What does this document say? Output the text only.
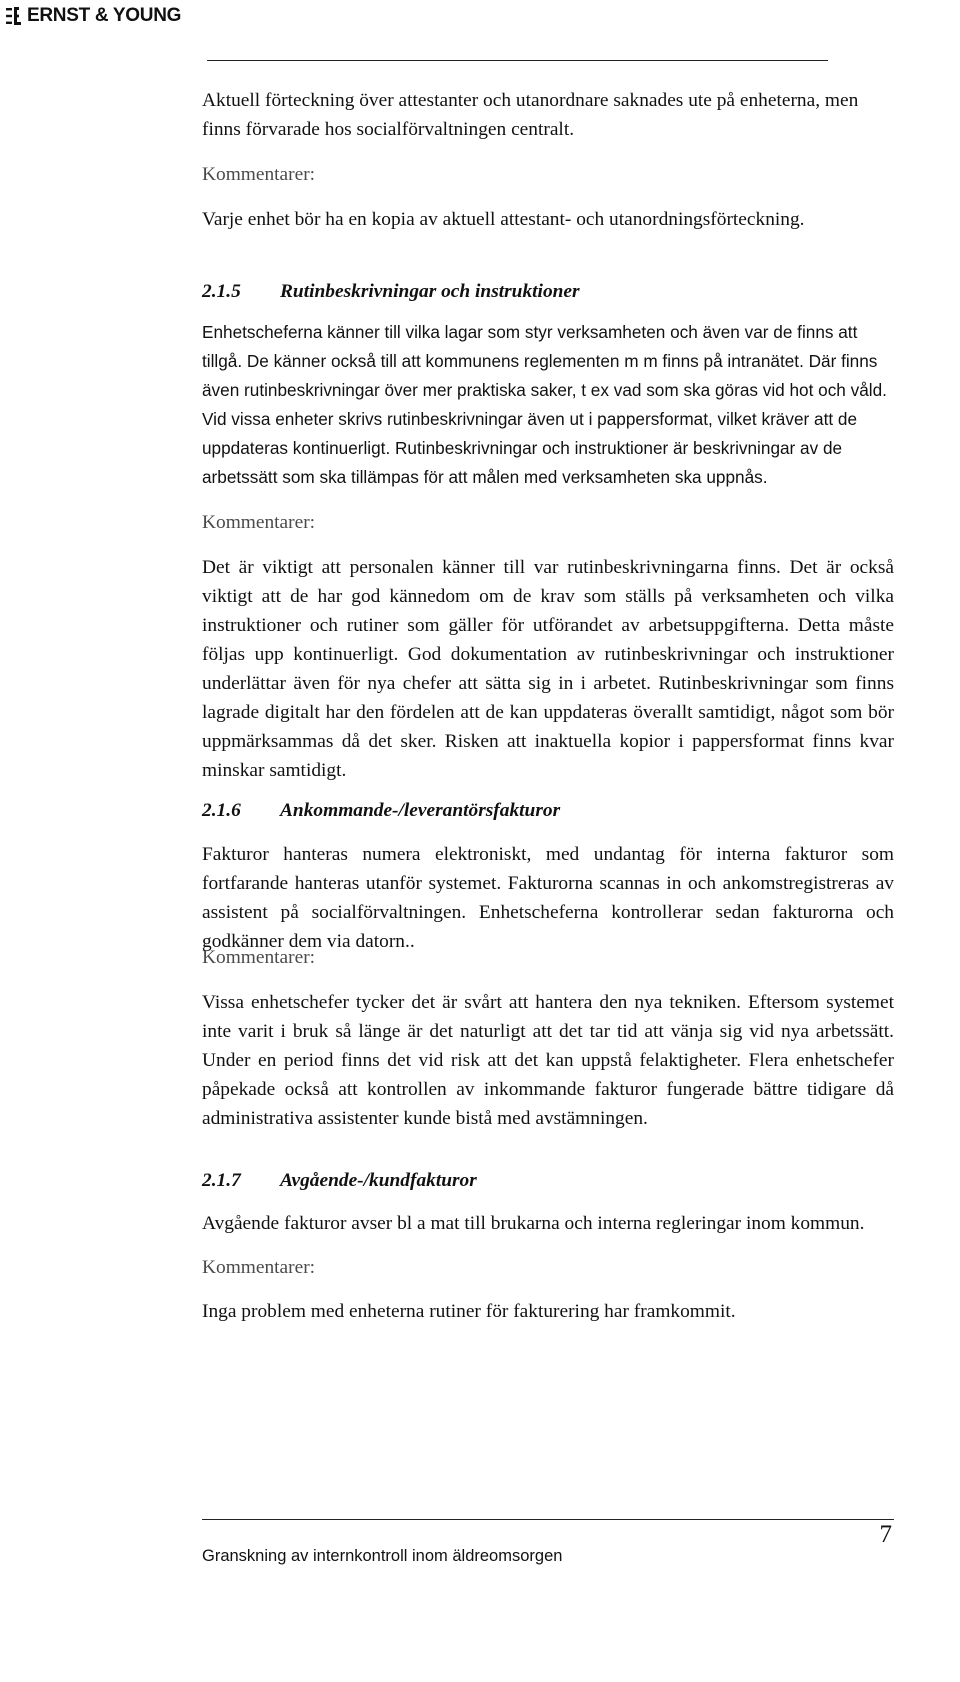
ERNST & YOUNG

Aktuell förteckning över attestanter och utanordnare saknades ute på enheterna, men finns förvarade hos socialförvaltningen centralt.

Kommentarer:

Varje enhet bör ha en kopia av aktuell attestant- och utanordningsförteckning.

2.1.5 Rutinbeskrivningar och instruktioner

Enhetscheferna känner till vilka lagar som styr verksamheten och även var de finns att tillgå. De känner också till att kommunens reglementen m m finns på intranätet. Där finns även rutinbeskrivningar över mer praktiska saker, t ex vad som ska göras vid hot och våld. Vid vissa enheter skrivs rutinbeskrivningar även ut i pappersformat, vilket kräver att de uppdateras kontinuerligt. Rutinbeskrivningar och instruktioner är beskrivningar av de arbetssätt som ska tillämpas för att målen med verksamheten ska uppnås.

Kommentarer:

Det är viktigt att personalen känner till var rutinbeskrivningarna finns. Det är också viktigt att de har god kännedom om de krav som ställs på verksamheten och vilka instruktioner och rutiner som gäller för utförandet av arbetsuppgifterna. Detta måste följas upp kontinuerligt. God dokumentation av rutinbeskrivningar och instruktioner underlättar även för nya chefer att sätta sig in i arbetet. Rutinbeskrivningar som finns lagrade digitalt har den fördelen att de kan uppdateras överallt samtidigt, något som bör uppmärksammas då det sker. Risken att inaktuella kopior i pappersformat finns kvar minskar samtidigt.

2.1.6 Ankommande-/leverantörsfakturor

Fakturor hanteras numera elektroniskt, med undantag för interna fakturor som fortfarande hanteras utanför systemet. Fakturorna scannas in och ankomstregistreras av assistent på socialförvaltningen. Enhetscheferna kontrollerar sedan fakturorna och godkänner dem via datorn..

Kommentarer:

Vissa enhetschefer tycker det är svårt att hantera den nya tekniken. Eftersom systemet inte varit i bruk så länge är det naturligt att det tar tid att vänja sig vid nya arbetssätt. Under en period finns det vid risk att det kan uppstå felaktigheter. Flera enhetschefer påpekade också att kontrollen av inkommande fakturor fungerade bättre tidigare då administrativa assistenter kunde bistå med avstämningen.

2.1.7 Avgående-/kundfakturor

Avgående fakturor avser bl a mat till brukarna och interna regleringar inom kommun.

Kommentarer:

Inga problem med enheterna rutiner för fakturering har framkommit.

Granskning av internkontroll inom äldreomsorgen
7
